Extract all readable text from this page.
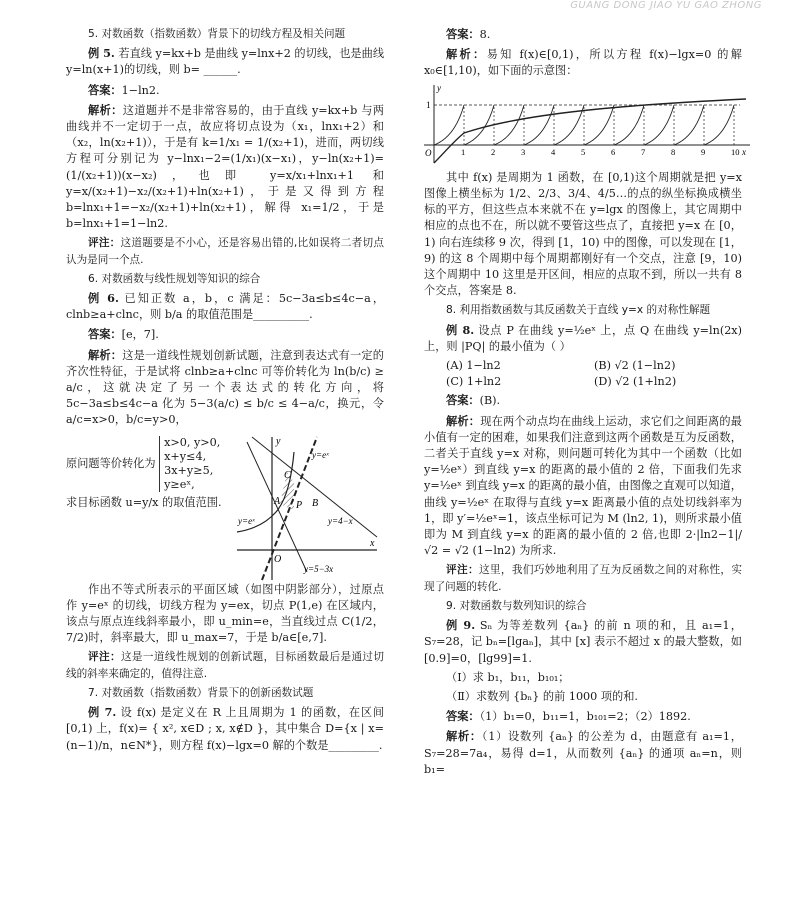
GUANG DONG JIAO YU GAO ZHONG

5. 对数函数（指数函数）背景下的切线方程及相关问题

例 5. 若直线 y=kx+b 是曲线 y=lnx+2 的切线，也是曲线 y=ln(x+1)的切线，则 b= ______.

答案：1−ln2.

解析：这道题并不是非常容易的，由于直线 y=kx+b 与两曲线并不一定切于一点，故应将切点设为（x₁，lnx₁+2）和（x₂，ln(x₂+1)），于是有 k=1/x₁ = 1/(x₂+1)，进而，两切线方程可分别记为 y−lnx₁−2=(1/x₁)(x−x₁)，y−ln(x₂+1)=(1/(x₂+1))(x−x₂)，也即 y=x/x₁+lnx₁+1 和 y=x/(x₂+1)−x₂/(x₂+1)+ln(x₂+1)，于是又得到方程 b=lnx₁+1=−x₂/(x₂+1)+ln(x₂+1)，解得 x₁=1/2，于是 b=lnx₁+1=1−ln2.

评注：这道题要是不小心，还是容易出错的,比如误将二者切点认为是同一个点.

6. 对数函数与线性规划等知识的综合

例 6. 已知正数 a，b，c 满足：5c−3a≤b≤4c−a，clnb≥a+clnc，则 b/a 的取值范围是__________.

答案：[e，7].

解析：这是一道线性规划创新试题，注意到表达式有一定的齐次性特征，于是试将 clnb≥a+clnc 可等价转化为 ln(b/c) ≥ a/c，这就决定了另一个表达式的转化方向，将 5c−3a≤b≤4c−a 化为 5−3(a/c) ≤ b/c ≤ 4−a/c，换元，令 a/c=x>0，b/c=y>0，

原问题等价转化为
x>0, y>0,
x+y≤4,
3x+y≥5,
y≥eˣ,

求目标函数 u=y/x 的取值范围.

y
x
O
A	B
C
P
y=eˣ
y=eˣ	y=4−x
y=5−3x

作出不等式所表示的平面区域（如图中阴影部分），过原点作 y=eˣ 的切线，切线方程为 y=ex，切点 P(1,e) 在区域内，该点与原点连线斜率最小，即 u_min=e，当直线过点 C(1/2，7/2)时，斜率最大，即 u_max=7，于是 b/a∈[e,7].

评注：这是一道线性规划的创新试题，目标函数最后是通过切线的斜率来确定的，值得注意.

7. 对数函数（指数函数）背景下的创新函数试题

例 7. 设 f(x) 是定义在 R 上且周期为 1 的函数，在区间 [0,1) 上，f(x)= { x², x∈D ; x, x∉D }，其中集合 D={x | x=(n−1)/n，n∈N*}，则方程 f(x)−lgx=0 解的个数是_________.

答案：8.

解析：易知 f(x)∈[0,1)，所以方程 f(x)−lgx=0 的解 x₀∈[1,10)，如下面的示意图：

y
x
O
1
1	2	3	4	5	6	7	8	9	10

其中 f(x) 是周期为 1 函数，在 [0,1)这个周期就是把 y=x 图像上横坐标为 1/2、2/3、3/4、4/5…的点的纵坐标换成横坐标的平方，但这些点本来就不在 y=lgx 的图像上，其它周期中相应的点也不在，所以就不要管这些点了，直接把 y=x 在 [0，1) 向右连续移 9 次，得到 [1，10) 中的图像，可以发现在 [1，9) 的这 8 个周期中每个周期都刚好有一个交点，注意 [9，10) 这个周期中 10 这里是开区间，相应的点取不到，所以一共有 8 个交点，答案是 8.

8. 利用指数函数与其反函数关于直线 y=x 的对称性解题

例 8. 设点 P 在曲线 y=½eˣ 上，点 Q 在曲线 y=ln(2x) 上，则 |PQ| 的最小值为（ ）

(A) 1−ln2	(B) √2 (1−ln2)
(C) 1+ln2	(D) √2 (1+ln2)

答案：(B).

解析：现在两个动点均在曲线上运动，求它们之间距离的最小值有一定的困难，如果我们注意到这两个函数是互为反函数，二者关于直线 y=x 对称，则问题可转化为其中一个函数（比如 y=½eˣ）到直线 y=x 的距离的最小值的 2 倍，下面我们先求 y=½eˣ 到直线 y=x 的距离的最小值，由图像之直观可以知道，曲线 y=½eˣ 在取得与直线 y=x 距离最小值的点处切线斜率为 1，即 y′=½eˣ=1，该点坐标可记为 M (ln2, 1)，则所求最小值即为 M 到直线 y=x 的距离的最小值的 2 倍,也即 2·|ln2−1|/√2 = √2 (1−ln2) 为所求.

评注：这里，我们巧妙地利用了互为反函数之间的对称性，实现了问题的转化.

9. 对数函数与数列知识的综合

例 9. Sₙ 为等差数列 {aₙ} 的前 n 项的和，且 a₁=1，S₇=28，记 bₙ=[lgaₙ]，其中 [x] 表示不超过 x 的最大整数，如 [0.9]=0，[lg99]=1.

（Ⅰ）求 b₁，b₁₁，b₁₀₁；

（Ⅱ）求数列 {bₙ} 的前 1000 项的和.

答案：（1）b₁=0，b₁₁=1，b₁₀₁=2；（2）1892.

解析：（1）设数列 {aₙ} 的公差为 d，由题意有 a₁=1，S₇=28=7a₄，易得 d=1，从而数列 {aₙ} 的通项 aₙ=n，则 b₁=
